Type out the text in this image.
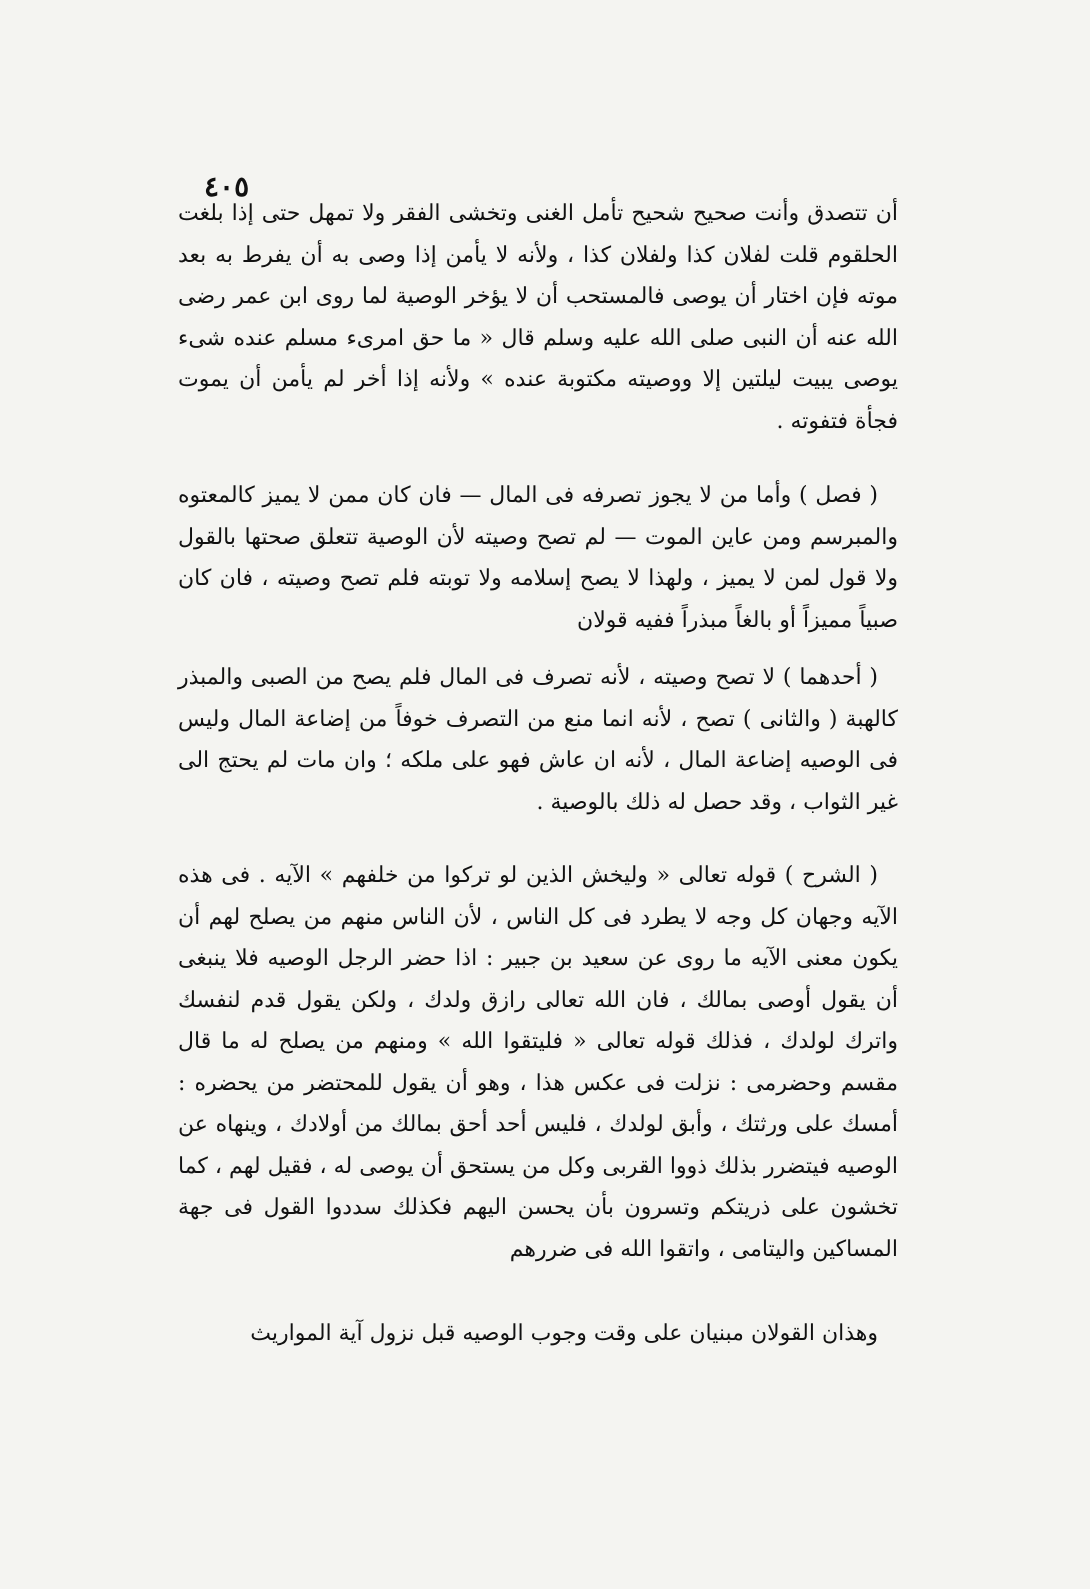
٤٠٥

أن تتصدق وأنت صحيح شحيح تأمل الغنى وتخشى الفقر ولا تمهل حتى إذا بلغت الحلقوم قلت لفلان كذا ولفلان كذا ، ولأنه لا يأمن إذا وصى به أن يفرط به بعد موته فإن اختار أن يوصى فالمستحب أن لا يؤخر الوصية لما روى ابن عمر رضى الله عنه أن النبى صلى الله عليه وسلم قال « ما حق امرىء مسلم عنده شىء يوصى يبيت ليلتين إلا ووصيته مكتوبة عنده » ولأنه إذا أخر لم يأمن أن يموت فجأة فتفوته .

( فصل ) وأما من لا يجوز تصرفه فى المال — فان كان ممن لا يميز كالمعتوه والمبرسم ومن عاين الموت — لم تصح وصيته لأن الوصية تتعلق صحتها بالقول ولا قول لمن لا يميز ، ولهذا لا يصح إسلامه ولا توبته فلم تصح وصيته ، فان كان صبياً مميزاً أو بالغاً مبذراً ففيه قولان

( أحدهما ) لا تصح وصيته ، لأنه تصرف فى المال فلم يصح من الصبى والمبذر كالهبة ( والثانى ) تصح ، لأنه انما منع من التصرف خوفاً من إضاعة المال وليس فى الوصيه إضاعة المال ، لأنه ان عاش فهو على ملكه ؛ وان مات لم يحتج الى غير الثواب ، وقد حصل له ذلك بالوصية .

( الشرح ) قوله تعالى « وليخش الذين لو تركوا من خلفهم » الآيه . فى هذه الآيه وجهان كل وجه لا يطرد فى كل الناس ، لأن الناس منهم من يصلح لهم أن يكون معنى الآيه ما روى عن سعيد بن جبير : اذا حضر الرجل الوصيه فلا ينبغى أن يقول أوصى بمالك ، فان الله تعالى رازق ولدك ، ولكن يقول قدم لنفسك واترك لولدك ، فذلك قوله تعالى « فليتقوا الله » ومنهم من يصلح له ما قال مقسم وحضرمى : نزلت فى عكس هذا ، وهو أن يقول للمحتضر من يحضره : أمسك على ورثتك ، وأبق لولدك ، فليس أحد أحق بمالك من أولادك ، وينهاه عن الوصيه فيتضرر بذلك ذووا القربى وكل من يستحق أن يوصى له ، فقيل لهم ، كما تخشون على ذريتكم وتسرون بأن يحسن اليهم فكذلك سددوا القول فى جهة المساكين واليتامى ، واتقوا الله فى ضررهم

وهذان القولان مبنيان على وقت وجوب الوصيه قبل نزول آية المواريث
